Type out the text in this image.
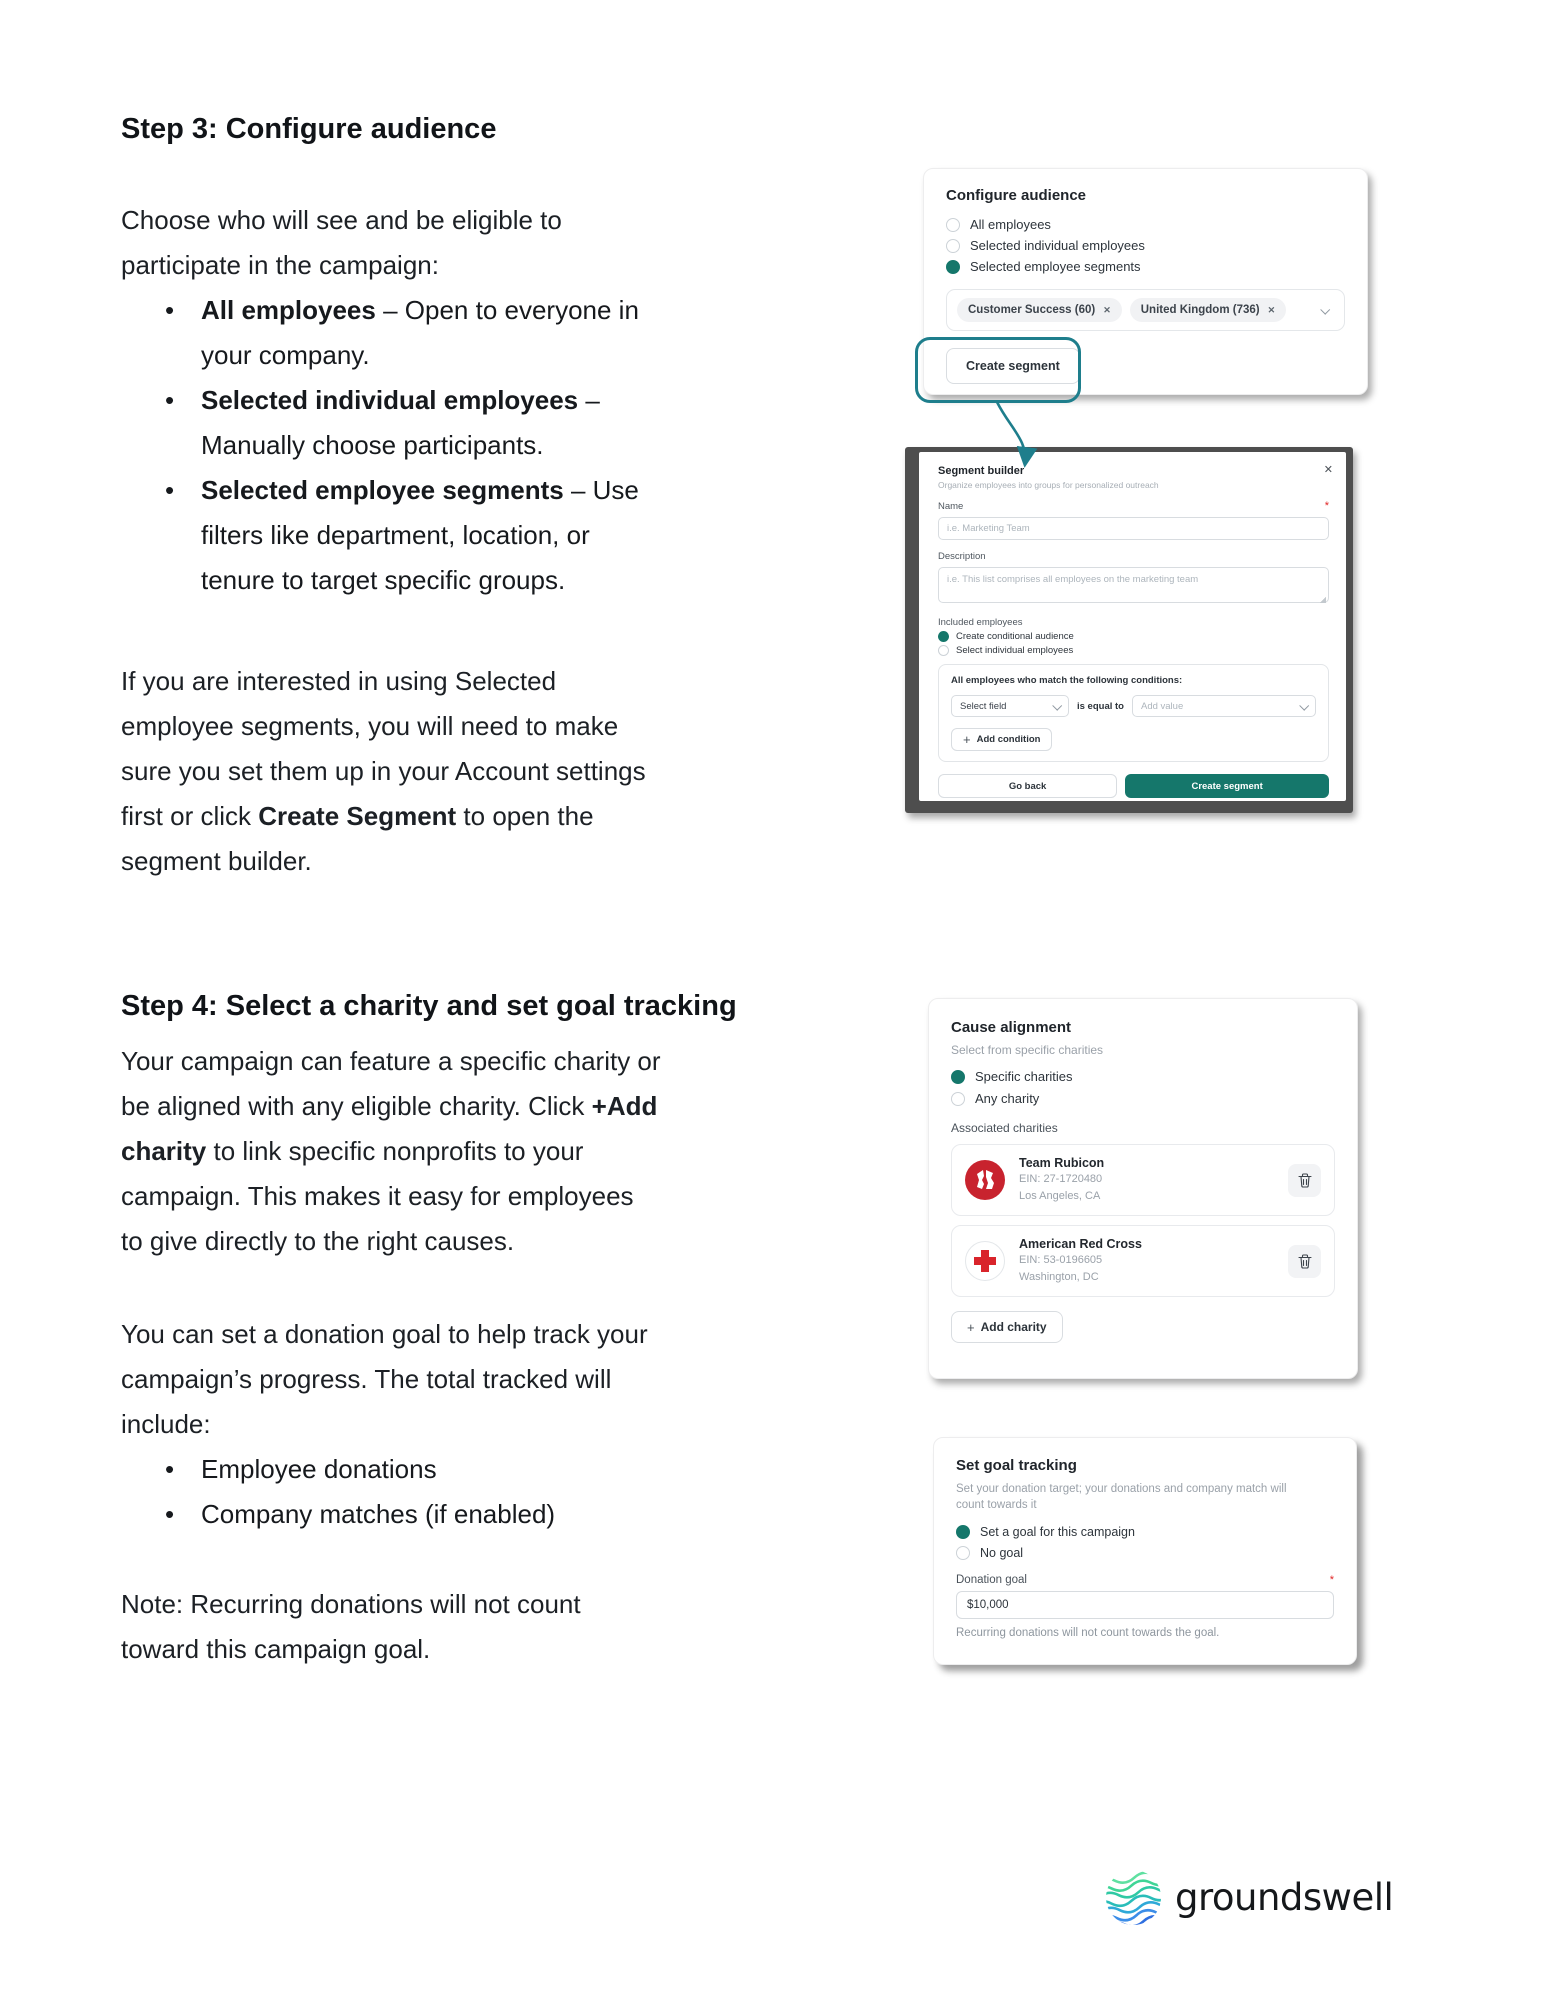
Step 3: Configure audience

Choose who will see and be eligible to participate in the campaign:

• All employees – Open to everyone in your company.
• Selected individual employees – Manually choose participants.
• Selected employee segments – Use filters like department, location, or tenure to target specific groups.

If you are interested in using Selected employee segments, you will need to make sure you set them up in your Account settings first or click Create Segment to open the segment builder.

Step 4: Select a charity and set goal tracking

Your campaign can feature a specific charity or be aligned with any eligible charity. Click +Add charity to link specific nonprofits to your campaign. This makes it easy for employees to give directly to the right causes.

You can set a donation goal to help track your campaign’s progress. The total tracked will include:

• Employee donations
• Company matches (if enabled)

Note: Recurring donations will not count toward this campaign goal.

Configure audience
All employees
Selected individual employees
Selected employee segments
Customer Success (60) ✕	United Kingdom (736) ✕
Create segment
Segment builder	✕
Organize employees into groups for personalized outreach
Name	*
i.e. Marketing Team
Description
i.e. This list comprises all employees on the marketing team
Included employees
Create conditional audience
Select individual employees
All employees who match the following conditions:
Select field	is equal to Add value
+ Add condition
Go back	Create segment
Cause alignment
Select from specific charities
Specific charities
Any charity
Associated charities
Team Rubicon
EIN: 27-1720480
Los Angeles, CA
American Red Cross
EIN: 53-0196605
Washington, DC
+ Add charity
Set goal tracking
Set your donation target; your donations and company match will count towards it
Set a goal for this campaign
No goal
Donation goal	*
$10,000
Recurring donations will not count towards the goal.
groundswell
